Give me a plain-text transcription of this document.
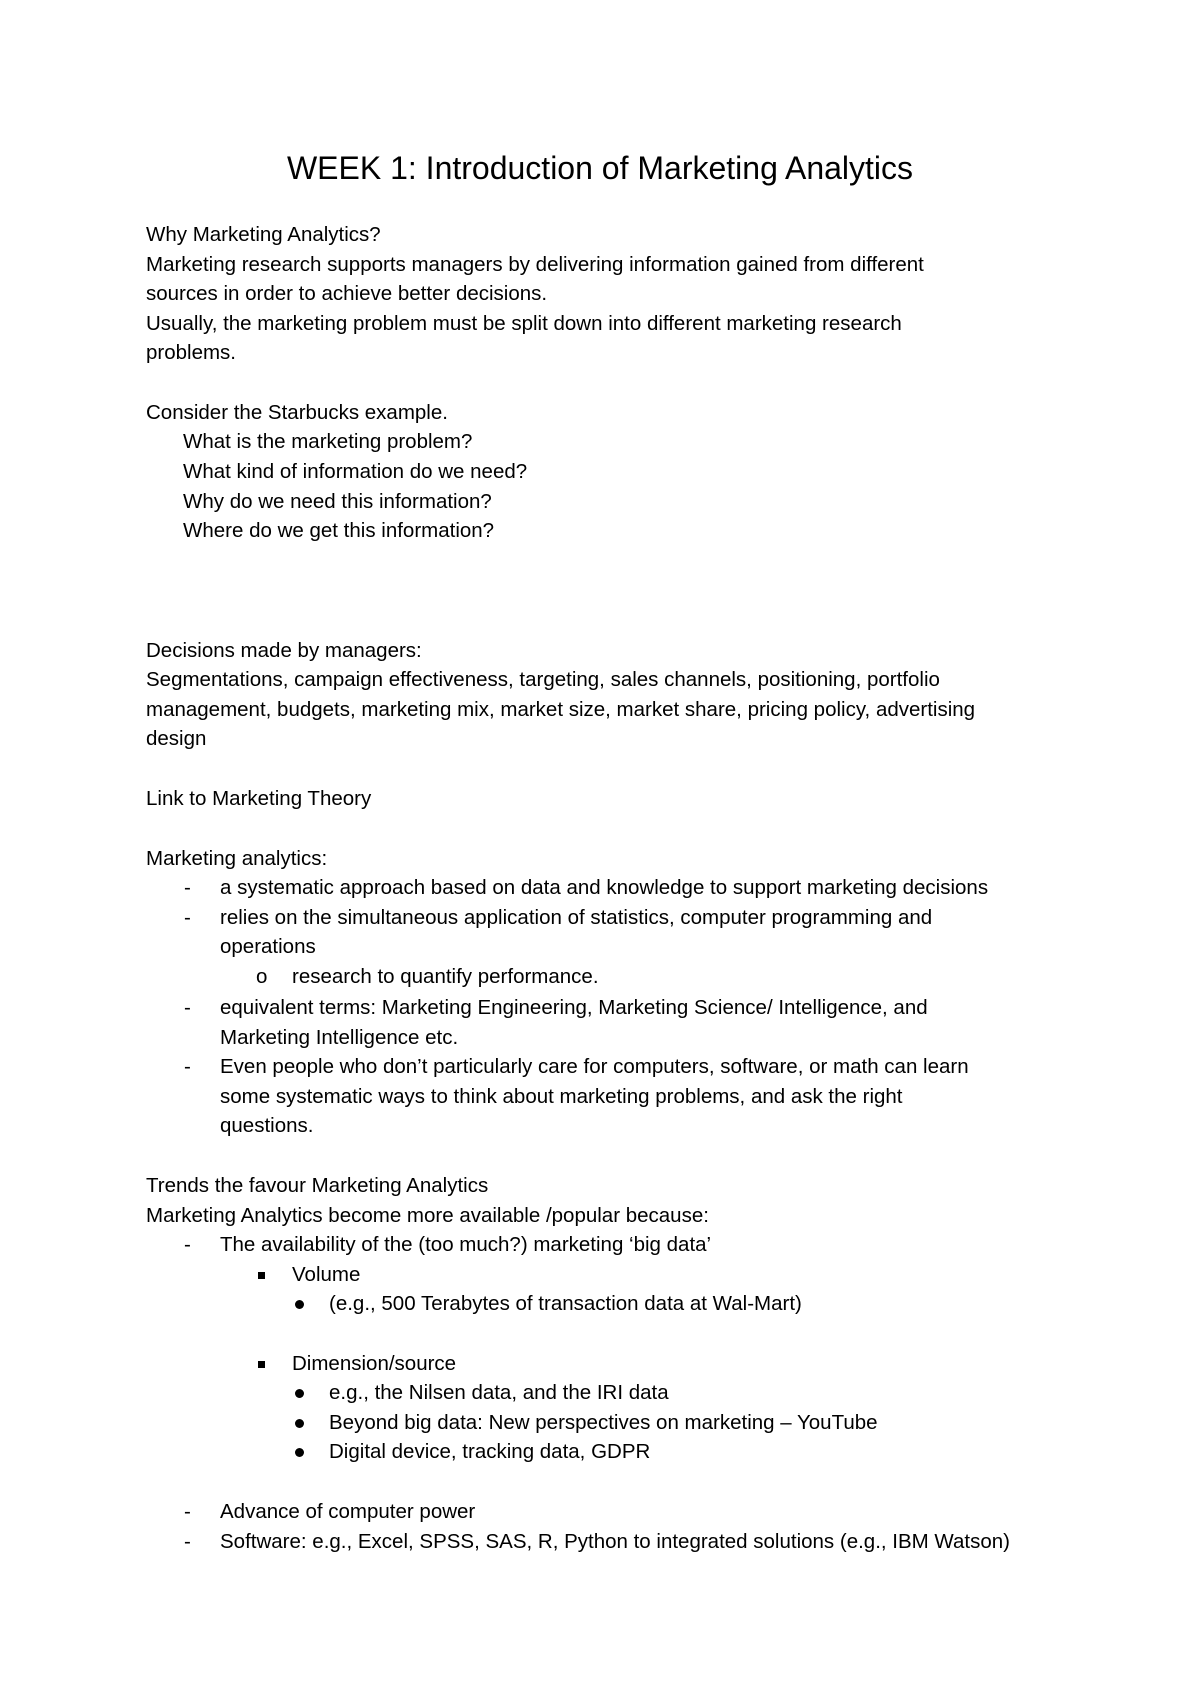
WEEK 1: Introduction of Marketing Analytics
Why Marketing Analytics?
Marketing research supports managers by delivering information gained from different
sources in order to achieve better decisions.
Usually, the marketing problem must be split down into different marketing research
problems.
Consider the Starbucks example.
What is the marketing problem?
What kind of information do we need?
Why do we need this information?
Where do we get this information?
Decisions made by managers:
Segmentations, campaign effectiveness, targeting, sales channels, positioning, portfolio
management, budgets, marketing mix, market size, market share, pricing policy, advertising
design
Link to Marketing Theory
Marketing analytics:
- a systematic approach based on data and knowledge to support marketing decisions
- relies on the simultaneous application of statistics, computer programming and
operations
o research to quantify performance.
- equivalent terms: Marketing Engineering, Marketing Science/ Intelligence, and
Marketing Intelligence etc.
- Even people who don’t particularly care for computers, software, or math can learn
some systematic ways to think about marketing problems, and ask the right
questions.
Trends the favour Marketing Analytics
Marketing Analytics become more available /popular because:
- The availability of the (too much?) marketing ‘big data’
Volume
(e.g., 500 Terabytes of transaction data at Wal-Mart)
Dimension/source
e.g., the Nilsen data, and the IRI data
Beyond big data: New perspectives on marketing – YouTube
Digital device, tracking data, GDPR
- Advance of computer power
- Software: e.g., Excel, SPSS, SAS, R, Python to integrated solutions (e.g., IBM Watson)
